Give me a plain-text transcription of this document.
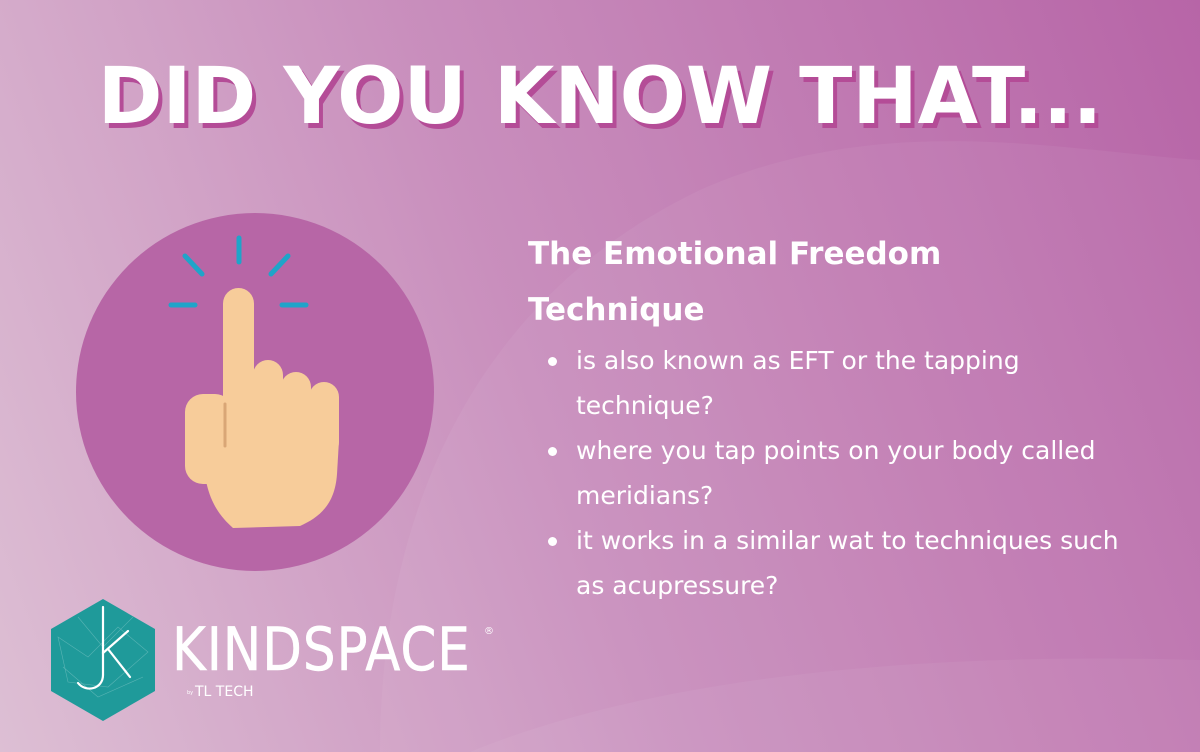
DID YOU KNOW THAT...
The Emotional Freedom Technique
is also known as EFT or the tapping technique?
where you tap points on your body called meridians?
it works in a similar wat to techniques such as acupressure?
KINDSPACE ®
by TL TECH
